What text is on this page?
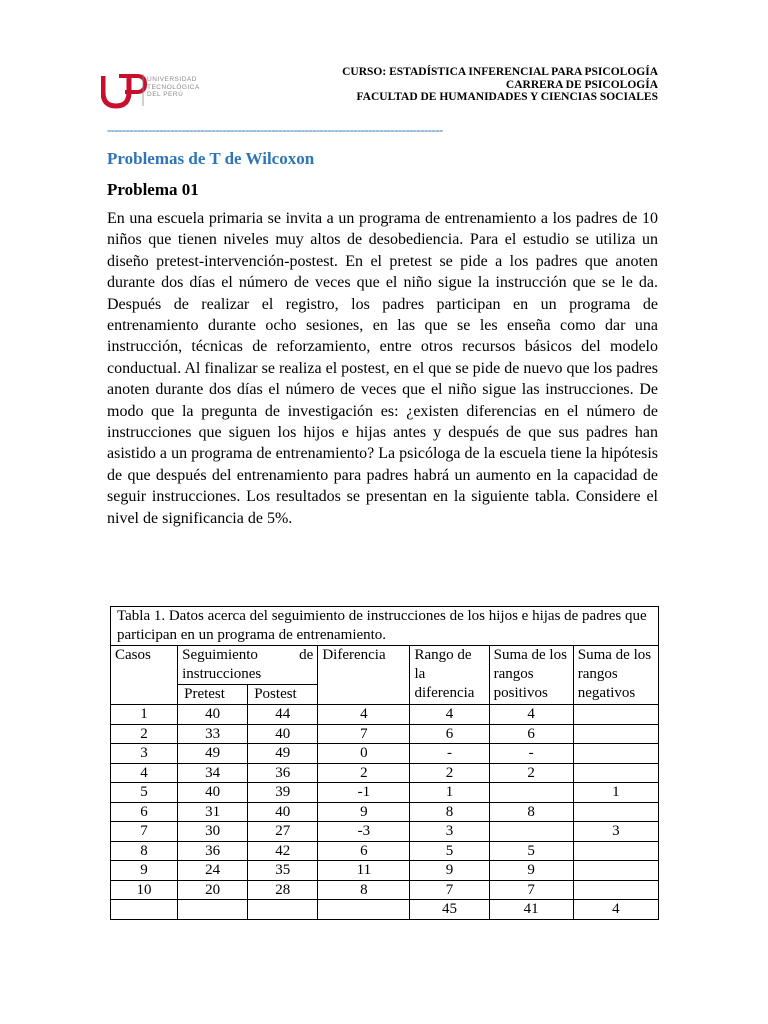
UNIVERSIDAD
TECNOLÓGICA
DEL PERÚ
CURSO: ESTADÍSTICA INFERENCIAL PARA PSICOLOGÍA
CARRERA DE PSICOLOGÍA
FACULTAD DE HUMANIDADES Y CIENCIAS SOCIALES
------------------------------------------------------------------------------------------
Problemas de T de Wilcoxon
Problema 01

En una escuela primaria se invita a un programa de entrenamiento a los padres de 10 niños que tienen niveles muy altos de desobediencia. Para el estudio se utiliza un diseño pretest-intervención-postest. En el pretest se pide a los padres que anoten durante dos días el número de veces que el niño sigue la instrucción que se le da. Después de realizar el registro, los padres participan en un programa de entrenamiento durante ocho sesiones, en las que se les enseña como dar una instrucción, técnicas de reforzamiento, entre otros recursos básicos del modelo conductual. Al finalizar se realiza el postest, en el que se pide de nuevo que los padres anoten durante dos días el número de veces que el niño sigue las instrucciones. De modo que la pregunta de investigación es: ¿existen diferencias en el número de instrucciones que siguen los hijos e hijas antes y después de que sus padres han asistido a un programa de entrenamiento? La psicóloga de la escuela tiene la hipótesis de que después del entrenamiento para padres habrá un aumento en la capacidad de seguir instrucciones. Los resultados se presentan en la siguiente tabla. Considere el nivel de significancia de 5%.

Tabla 1. Datos acerca del seguimiento de instrucciones de los hijos e hijas de padres que participan en un programa de entrenamiento.						
Casos	Seguimiento de instrucciones		Diferencia	Rango de la diferencia	Suma de los rangos positivos	Suma de los rangos negativos
	Pretest	Postest				
1	40	44	4	4	4	
2	33	40	7	6	6	
3	49	49	0	-	-	
4	34	36	2	2	2	
5	40	39	-1	1		1
6	31	40	9	8	8	
7	30	27	-3	3		3
8	36	42	6	5	5	
9	24	35	11	9	9	
10	20	28	8	7	7	
				45	41	4
